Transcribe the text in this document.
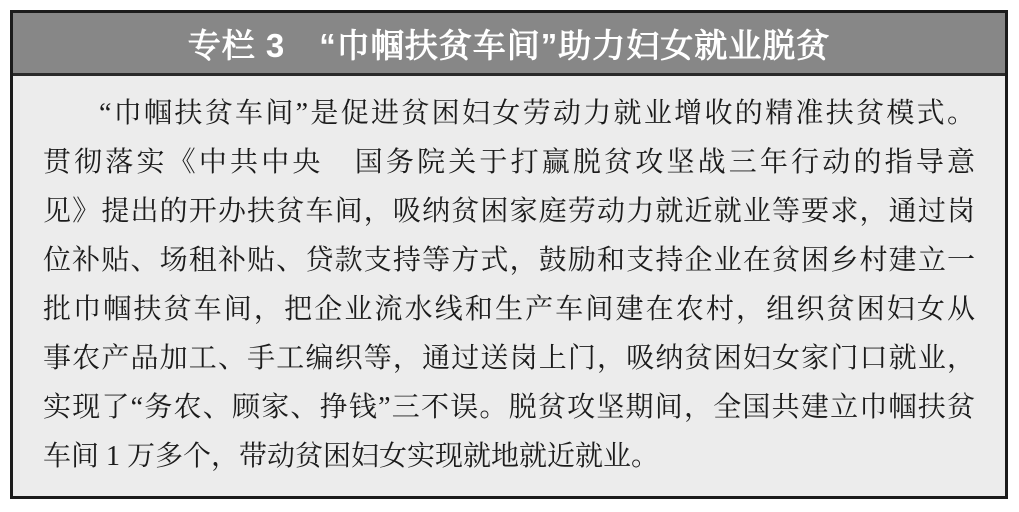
专栏 3　“巾帼扶贫车间”助力妇女就业脱贫
“巾帼扶贫车间”是促进贫困妇女劳动力就业增收的精准扶贫模式。
贯彻落实《中共中央　国务院关于打赢脱贫攻坚战三年行动的指导意
见》提出的开办扶贫车间，吸纳贫困家庭劳动力就近就业等要求，通过岗
位补贴、场租补贴、贷款支持等方式，鼓励和支持企业在贫困乡村建立一
批巾帼扶贫车间，把企业流水线和生产车间建在农村，组织贫困妇女从
事农产品加工、手工编织等，通过送岗上门，吸纳贫困妇女家门口就业，
实现了“务农、顾家、挣钱”三不误。脱贫攻坚期间，全国共建立巾帼扶贫
车间 1 万多个，带动贫困妇女实现就地就近就业。
